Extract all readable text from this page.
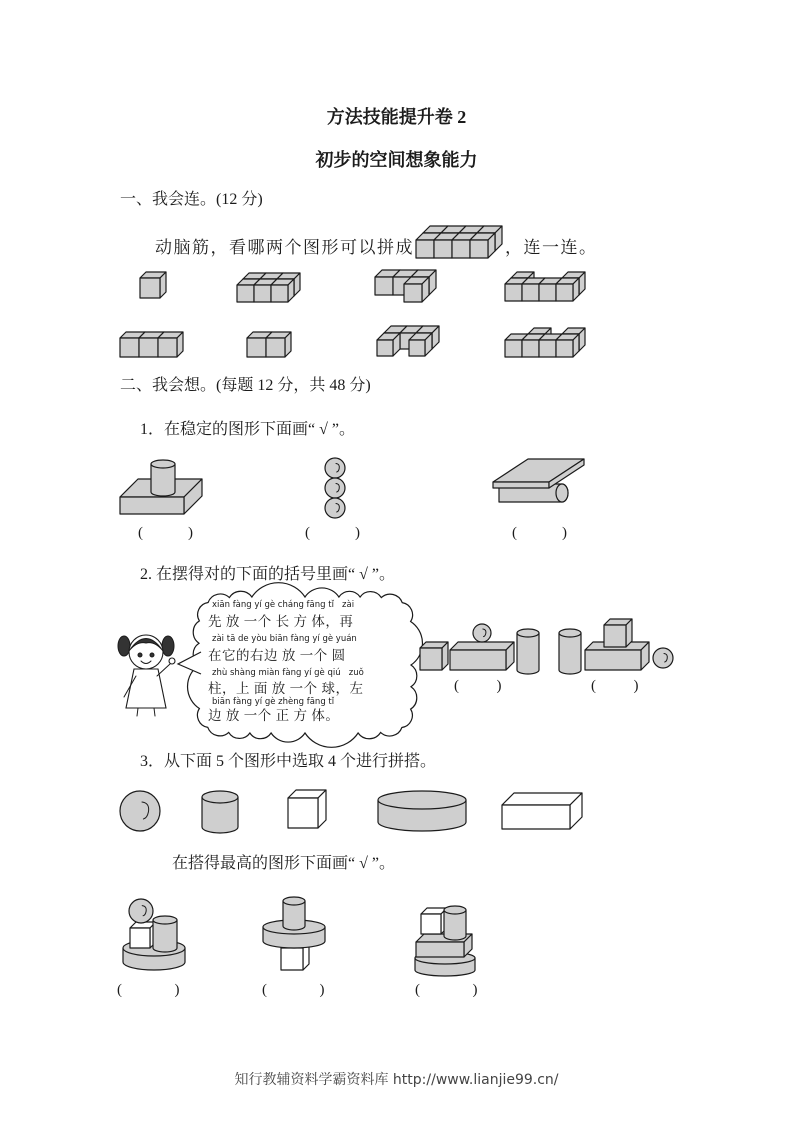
方法技能提升卷 2
初步的空间想象能力
一、我会连。(12 分)
动脑筋，看哪两个图形可以拼成	，连一连。
二、我会想。(每题 12 分，共 48 分)
1．在稳定的图形下面画“ √ ”。
(            )	(            )	(            )
2. 在摆得对的下面的括号里画“ √ ”。
xiān fàng yí gè cháng fāng tǐ   zài
先 放 一个 长 方 体，再
zài tā de yòu biān fàng yí gè yuán
在它的右边 放 一个 圆
zhù shàng miàn fàng yí gè qiú   zuǒ
柱，上 面 放 一个 球，左
biān fàng yí gè zhèng fāng tǐ
边 放 一个 正 方 体。
(          )	(          )
3．从下面 5 个图形中选取 4 个进行拼搭。
在搭得最高的图形下面画“ √ ”。
(              )	(              )	(              )
知行教辅资料学霸资料库 http://www.lianjie99.cn/
